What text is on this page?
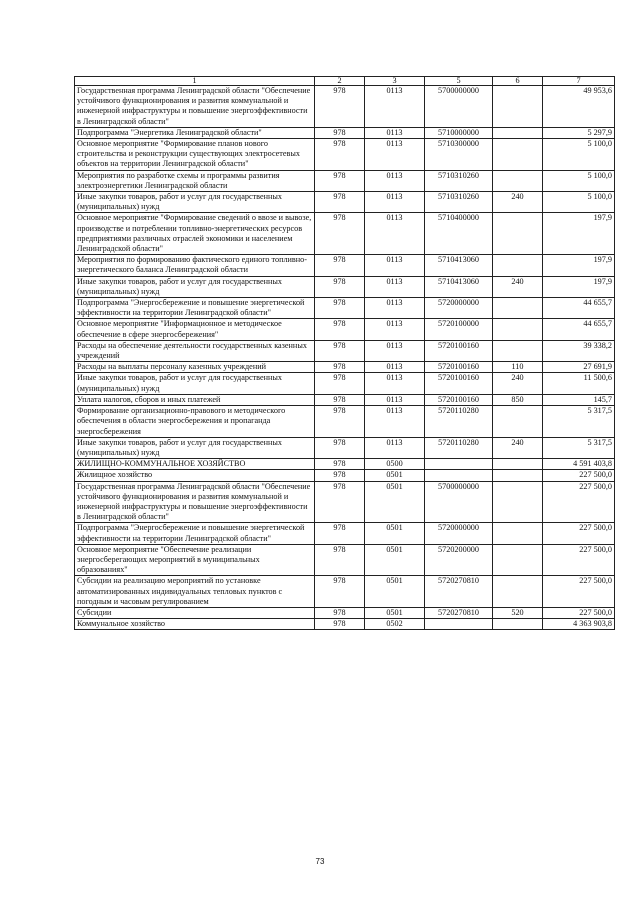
1	2	3	5	6	7
Государственная программа Ленинградской области "Обеспечение устойчивого функционирования и развития коммунальной и инженерной инфраструктуры и повышение энергоэффективности в Ленинградской области"	978	0113	5700000000		49 953,6
Подпрограмма "Энергетика Ленинградской области"	978	0113	5710000000		5 297,9
Основное мероприятие "Формирование планов нового строительства и реконструкции существующих электросетевых объектов на территории Ленинградской области"	978	0113	5710300000		5 100,0
Мероприятия по разработке схемы и программы развития электроэнергетики Ленинградской области	978	0113	5710310260		5 100,0
Иные закупки товаров, работ и услуг для государственных (муниципальных) нужд	978	0113	5710310260	240	5 100,0
Основное мероприятие "Формирование сведений о ввозе и вывозе, производстве и потреблении топливно-энергетических ресурсов предприятиями различных отраслей экономики и населением Ленинградской области"	978	0113	5710400000		197,9
Мероприятия по формированию фактического единого топливно-энергетического баланса Ленинградской области	978	0113	5710413060		197,9
Иные закупки товаров, работ и услуг для государственных (муниципальных) нужд	978	0113	5710413060	240	197,9
Подпрограмма "Энергосбережение и повышение энергетической эффективности на территории Ленинградской области"	978	0113	5720000000		44 655,7
Основное мероприятие "Информационное и методическое обеспечение в сфере энергосбережения"	978	0113	5720100000		44 655,7
Расходы на обеспечение деятельности государственных казенных учреждений	978	0113	5720100160		39 338,2
Расходы на выплаты персоналу казенных учреждений	978	0113	5720100160	110	27 691,9
Иные закупки товаров, работ и услуг для государственных (муниципальных) нужд	978	0113	5720100160	240	11 500,6
Уплата налогов, сборов и иных платежей	978	0113	5720100160	850	145,7
Формирование организационно-правового и методического обеспечения в области энергосбережения и пропаганда энергосбережения	978	0113	5720110280		5 317,5
Иные закупки товаров, работ и услуг для государственных (муниципальных) нужд	978	0113	5720110280	240	5 317,5
ЖИЛИЩНО-КОММУНАЛЬНОЕ ХОЗЯЙСТВО	978	0500			4 591 403,8
Жилищное хозяйство	978	0501			227 500,0
Государственная программа Ленинградской области "Обеспечение устойчивого функционирования и развития коммунальной и инженерной инфраструктуры и повышение энергоэффективности в Ленинградской области"	978	0501	5700000000		227 500,0
Подпрограмма "Энергосбережение и повышение энергетической эффективности на территории Ленинградской области"	978	0501	5720000000		227 500,0
Основное мероприятие "Обеспечение реализации энергосберегающих мероприятий в муниципальных образованиях"	978	0501	5720200000		227 500,0
Субсидии на реализацию мероприятий по установке автоматизированных индивидуальных тепловых пунктов с погодным и часовым регулированием	978	0501	5720270810		227 500,0
Субсидии	978	0501	5720270810	520	227 500,0
Коммунальное хозяйство	978	0502			4 363 903,8
73
